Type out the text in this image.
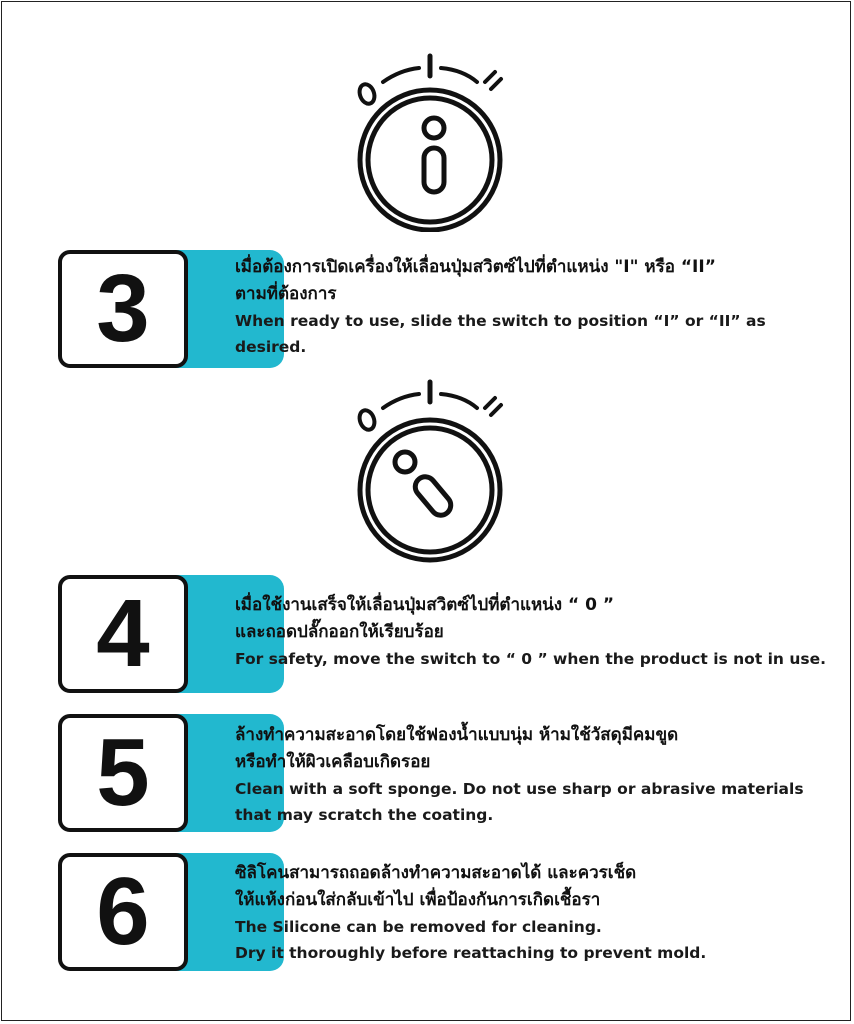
3	เมื่อต้องการเปิดเครื่องให้เลื่อนปุ่มสวิตซ์ไปที่ตำแหน่ง "I" หรือ “II”
ตามที่ต้องการ
When ready to use, slide the switch to position “I” or “II” as desired.
4	เมื่อใช้งานเสร็จให้เลื่อนปุ่มสวิตซ์ไปที่ตำแหน่ง “ 0 ”
และถอดปลั๊กออกให้เรียบร้อย
For safety, move the switch to “ 0 ” when the product is not in use.
5	ล้างทำความสะอาดโดยใช้ฟองน้ำแบบนุ่ม ห้ามใช้วัสดุมีคมขูด
หรือทำให้ผิวเคลือบเกิดรอย
Clean with a soft sponge. Do not use sharp or abrasive materials
that may scratch the coating.
6	ซิลิโคนสามารถถอดล้างทำความสะอาดได้ และควรเช็ด
ให้แห้งก่อนใส่กลับเข้าไป เพื่อป้องกันการเกิดเชื้อรา
The Silicone can be removed for cleaning.
Dry it thoroughly before reattaching to prevent mold.
